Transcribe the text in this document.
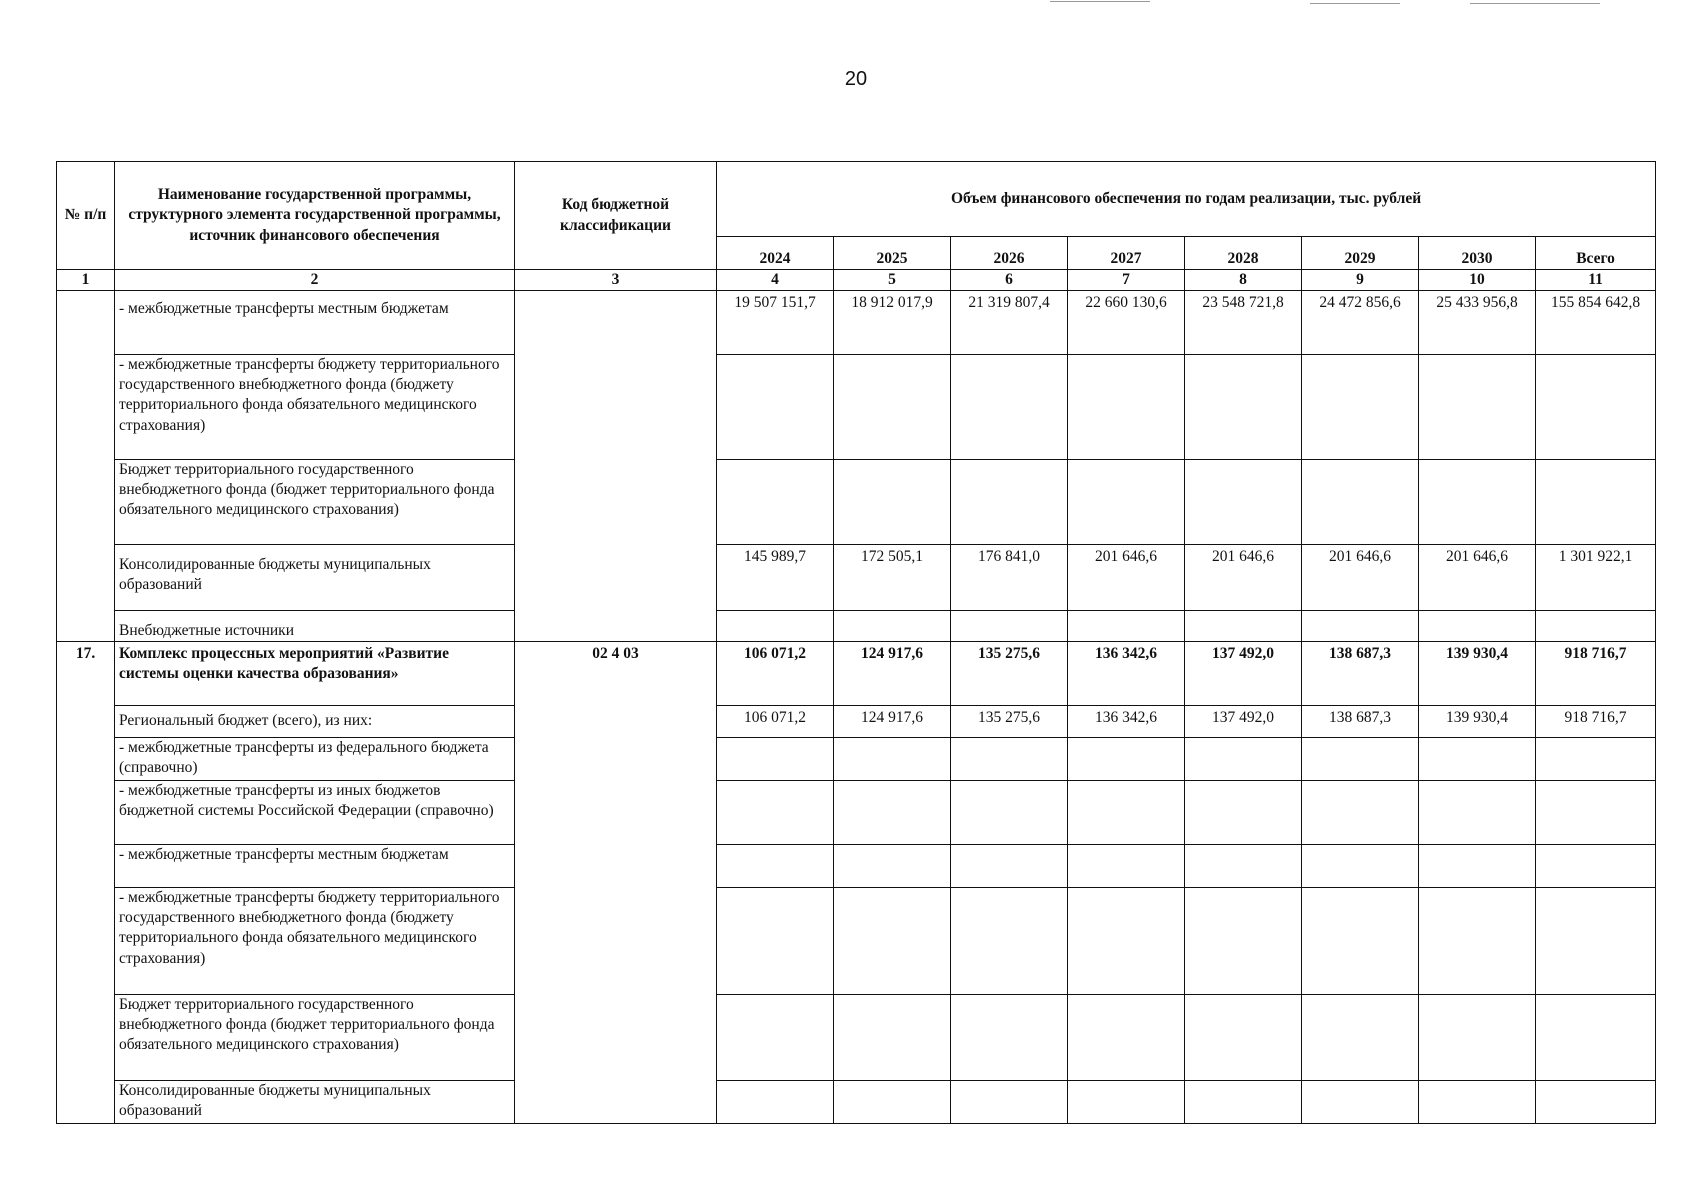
20
№ п/п	Наименование государственной программы, структурного элемента государственной программы, источник финансового обеспечения	Код бюджетной классификации	Объем финансового обеспечения по годам реализации, тыс. рублей							
			2024	2025	2026	2027	2028	2029	2030	Всего
1	2	3	4	5	6	7	8	9	10	11
	- межбюджетные трансферты местным бюджетам		19 507 151,7	18 912 017,9	21 319 807,4	22 660 130,6	23 548 721,8	24 472 856,6	25 433 956,8	155 854 642,8
	- межбюджетные трансферты бюджету территориального государственного внебюджетного фонда (бюджету территориального фонда обязательного медицинского страхования)									
	Бюджет территориального государственного внебюджетного фонда (бюджет территориального фонда обязательного медицинского страхования)									
	Консолидированные бюджеты муниципальных образований		145 989,7	172 505,1	176 841,0	201 646,6	201 646,6	201 646,6	201 646,6	1 301 922,1
	Внебюджетные источники									
17.	Комплекс процессных мероприятий «Развитие системы оценки качества образования»	02 4 03	106 071,2	124 917,6	135 275,6	136 342,6	137 492,0	138 687,3	139 930,4	918 716,7
	Региональный бюджет (всего), из них:		106 071,2	124 917,6	135 275,6	136 342,6	137 492,0	138 687,3	139 930,4	918 716,7
	- межбюджетные трансферты из федерального бюджета (справочно)									
	- межбюджетные трансферты из иных бюджетов бюджетной системы Российской Федерации (справочно)									
	- межбюджетные трансферты местным бюджетам									
	- межбюджетные трансферты бюджету территориального государственного внебюджетного фонда (бюджету территориального фонда обязательного медицинского страхования)									
	Бюджет территориального государственного внебюджетного фонда (бюджет территориального фонда обязательного медицинского страхования)									
	Консолидированные бюджеты муниципальных образований									
